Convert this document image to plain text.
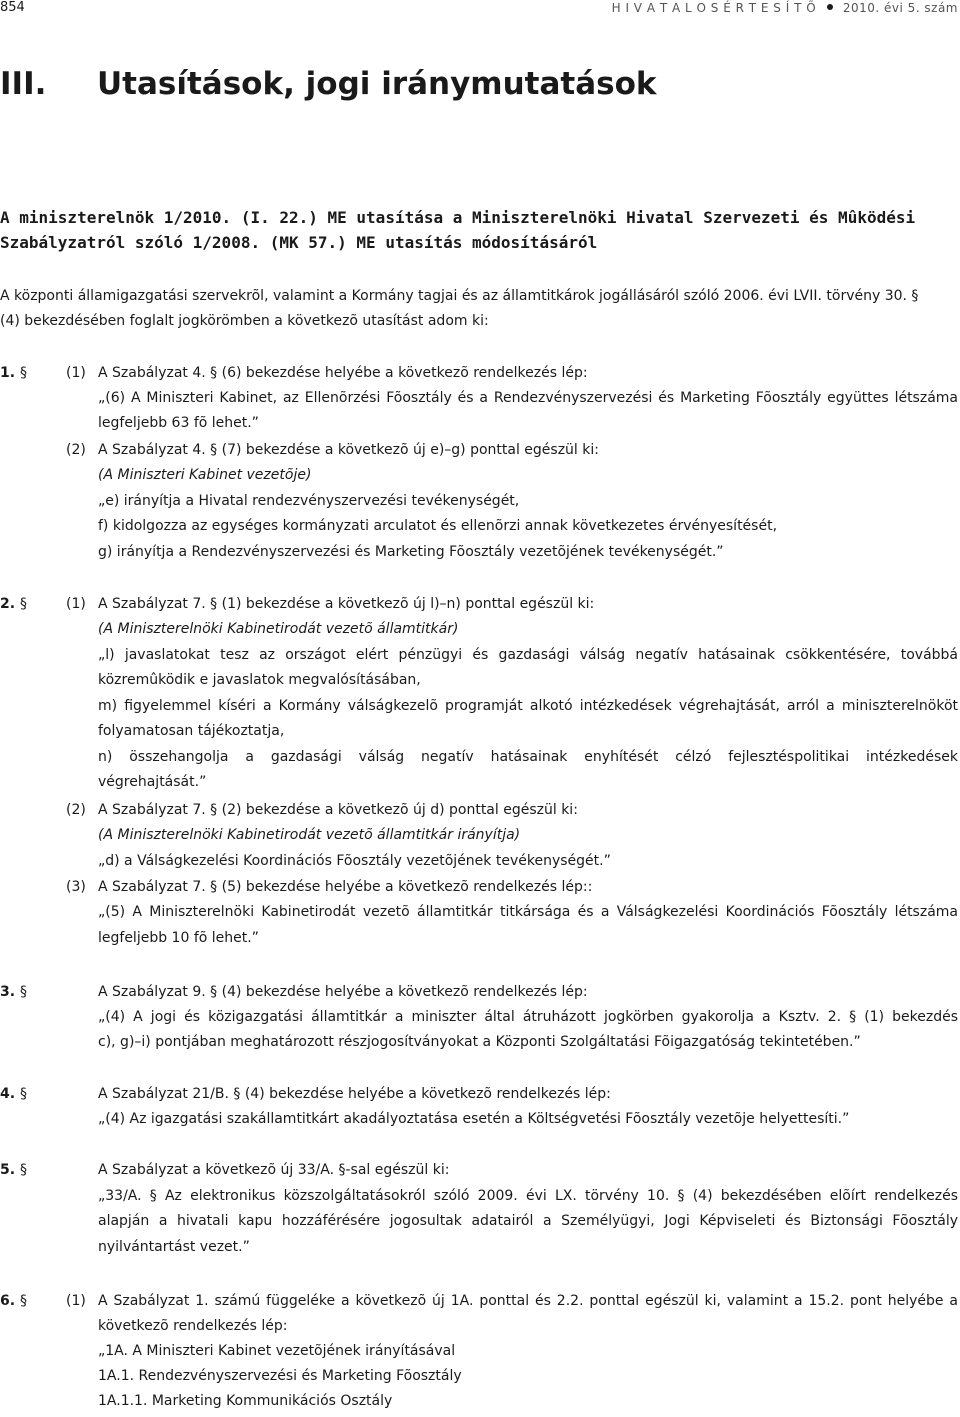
854	H I V A T A L O S É R T E S Í T Õ 2010. évi 5. szám
III. Utasítások, jogi iránymutatások
A miniszterelnök 1/2010. (I. 22.) ME utasítása a Miniszterelnöki Hivatal Szervezeti és Mûködési
Szabályzatról szóló 1/2008. (MK 57.) ME utasítás módosításáról
A központi államigazgatási szervekrõl, valamint a Kormány tagjai és az államtitkárok jogállásáról szóló 2006. évi LVII. törvény 30. §
(4) bekezdésében foglalt jogkörömben a következõ utasítást adom ki:
1. §	(1)
(2)
2. §	(1)
(2)
(3)
3. §
4. §
5. §
6. §	(1)
A Szabályzat 4. § (6) bekezdése helyébe a következõ rendelkezés lép:
„(6) A Miniszteri Kabinet, az Ellenõrzési Fõosztály és a Rendezvényszervezési és Marketing Fõosztály együttes létszáma
legfeljebb 63 fõ lehet.”
A Szabályzat 4. § (7) bekezdése a következõ új e)–g) ponttal egészül ki:
(A Miniszteri Kabinet vezetõje)
„e) irányítja a Hivatal rendezvényszervezési tevékenységét,
f) kidolgozza az egységes kormányzati arculatot és ellenõrzi annak következetes érvényesítését,
g) irányítja a Rendezvényszervezési és Marketing Fõosztály vezetõjének tevékenységét.”
A Szabályzat 7. § (1) bekezdése a következõ új l)–n) ponttal egészül ki:
(A Miniszterelnöki Kabinetirodát vezetõ államtitkár)
„l) javaslatokat tesz az országot elért pénzügyi és gazdasági válság negatív hatásainak csökkentésére, továbbá
közremûködik e javaslatok megvalósításában,
m) figyelemmel kíséri a Kormány válságkezelõ programját alkotó intézkedések végrehajtását, arról a miniszterelnököt
folyamatosan tájékoztatja,
n) összehangolja a gazdasági válság negatív hatásainak enyhítését célzó fejlesztéspolitikai intézkedések
végrehajtását.”
A Szabályzat 7. § (2) bekezdése a következõ új d) ponttal egészül ki:
(A Miniszterelnöki Kabinetirodát vezetõ államtitkár irányítja)
„d) a Válságkezelési Koordinációs Fõosztály vezetõjének tevékenységét.”
A Szabályzat 7. § (5) bekezdése helyébe a következõ rendelkezés lép::
„(5) A Miniszterelnöki Kabinetirodát vezetõ államtitkár titkársága és a Válságkezelési Koordinációs Fõosztály létszáma
legfeljebb 10 fõ lehet.”
A Szabályzat 9. § (4) bekezdése helyébe a következõ rendelkezés lép:
„(4) A jogi és közigazgatási államtitkár a miniszter által átruházott jogkörben gyakorolja a Ksztv. 2. § (1) bekezdés
c), g)–i) pontjában meghatározott részjogosítványokat a Központi Szolgáltatási Fõigazgatóság tekintetében.”
A Szabályzat 21/B. § (4) bekezdése helyébe a következõ rendelkezés lép:
„(4) Az igazgatási szakállamtitkárt akadályoztatása esetén a Költségvetési Fõosztály vezetõje helyettesíti.”
A Szabályzat a következõ új 33/A. §-sal egészül ki:
„33/A. § Az elektronikus közszolgáltatásokról szóló 2009. évi LX. törvény 10. § (4) bekezdésében elõírt rendelkezés
alapján a hivatali kapu hozzáférésére jogosultak adatairól a Személyügyi, Jogi Képviseleti és Biztonsági Fõosztály
nyilvántartást vezet.”
A Szabályzat 1. számú függeléke a következõ új 1A. ponttal és 2.2. ponttal egészül ki, valamint a 15.2. pont helyébe a
következõ rendelkezés lép:
„1A. A Miniszteri Kabinet vezetõjének irányításával
1A.1. Rendezvényszervezési és Marketing Fõosztály
1A.1.1. Marketing Kommunikációs Osztály
